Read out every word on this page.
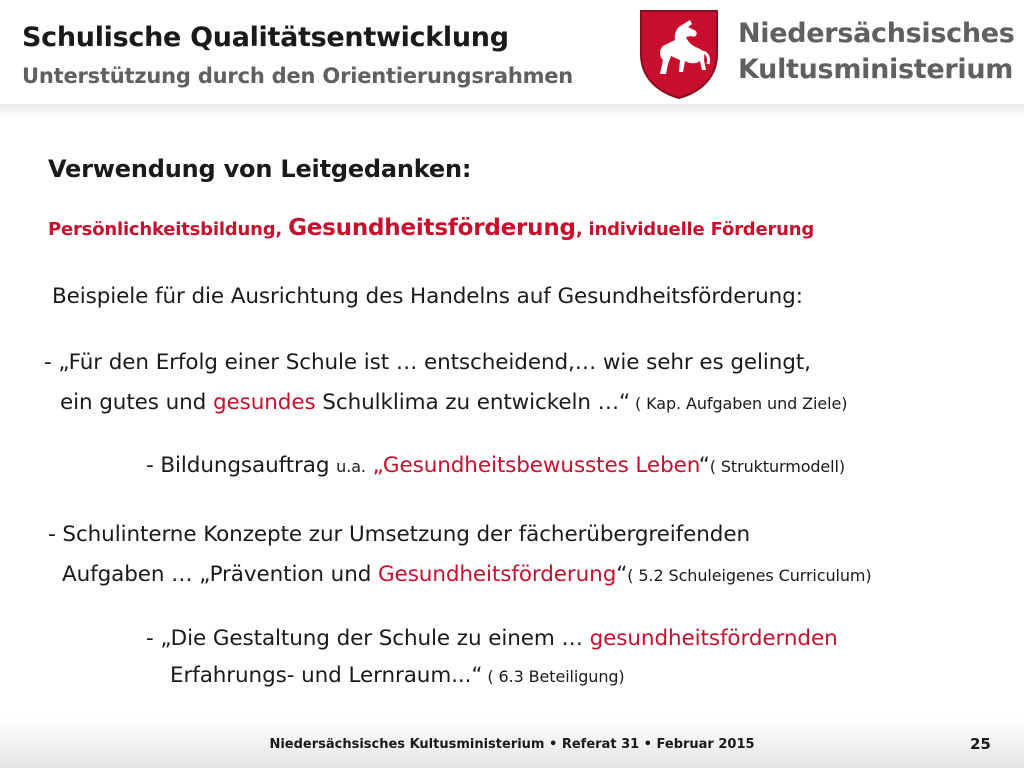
Schulische Qualitätsentwicklung
Unterstützung durch den Orientierungsrahmen
Niedersächsisches
Kultusministerium
Verwendung von Leitgedanken:
Persönlichkeitsbildung, Gesundheitsförderung, individuelle Förderung
Beispiele für die Ausrichtung des Handelns auf Gesundheitsförderung:
- „Für den Erfolg einer Schule ist … entscheidend,… wie sehr es gelingt,
ein gutes und gesundes Schulklima zu entwickeln …“ ( Kap. Aufgaben und Ziele)
- Bildungsauftrag u.a. „Gesundheitsbewusstes Leben“( Strukturmodell)
- Schulinterne Konzepte zur Umsetzung der fächerübergreifenden
Aufgaben … „Prävention und Gesundheitsförderung“( 5.2 Schuleigenes Curriculum)
- „Die Gestaltung der Schule zu einem … gesundheitsfördernden
Erfahrungs- und Lernraum...“ ( 6.3 Beteiligung)
Niedersächsisches Kultusministerium • Referat 31 • Februar 2015	25
